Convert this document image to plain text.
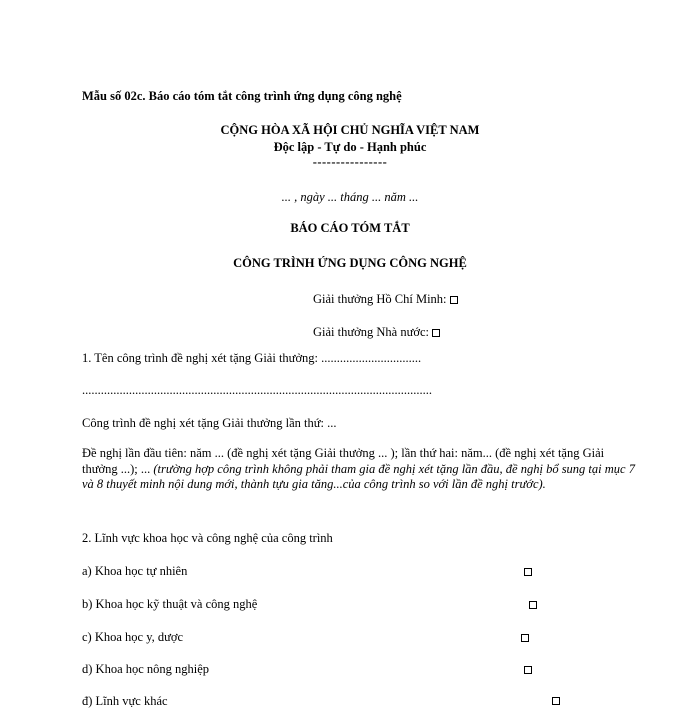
Mẫu số 02c. Báo cáo tóm tắt công trình ứng dụng công nghệ
CỘNG HÒA XÃ HỘI CHỦ NGHĨA VIỆT NAM
Độc lập - Tự do - Hạnh phúc
----------------
... , ngày ... tháng ... năm ...
BÁO CÁO TÓM TẮT
CÔNG TRÌNH ỨNG DỤNG CÔNG NGHỆ
Giải thưởng Hồ Chí Minh:
Giải thưởng Nhà nước:
1. Tên công trình đề nghị xét tặng Giải thưởng: ................................
................................................................................................................
Công trình đề nghị xét tặng Giải thưởng lần thứ: ...
Đề nghị lần đầu tiên: năm ... (đề nghị xét tặng Giải thưởng ... ); lần thứ hai: năm... (đề nghị xét tặng Giải thưởng ...); ... (trường hợp công trình không phải tham gia đề nghị xét tặng lần đầu, đề nghị bổ sung tại mục 7 và 8 thuyết minh nội dung mới, thành tựu gia tăng...của công trình so với lần đề nghị trước).
2. Lĩnh vực khoa học và công nghệ của công trình
a) Khoa học tự nhiên
b) Khoa học kỹ thuật và công nghệ
c) Khoa học y, dược
d) Khoa học nông nghiệp
đ) Lĩnh vực khác
